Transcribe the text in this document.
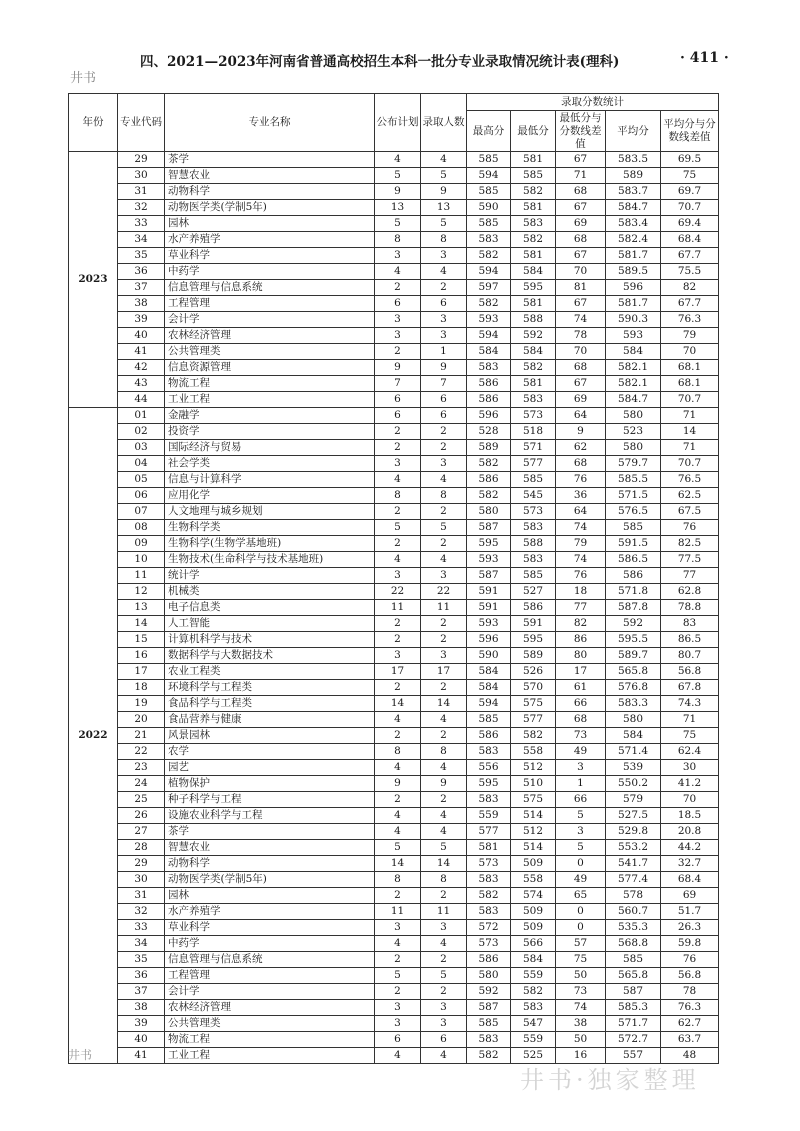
四、2021—2023年河南省普通高校招生本科一批分专业录取情况统计表(理科)	· 411 ·
井书
年份	专业代码	专业名称	公布计划	录取人数	录取分数统计				
					最高分	最低分	最低分与分数线差值	平均分	平均分与分数线差值
2023	29	茶学	4	4	585	581	67	583.5	69.5
	30	智慧农业	5	5	594	585	71	589	75
	31	动物科学	9	9	585	582	68	583.7	69.7
	32	动物医学类(学制5年)	13	13	590	581	67	584.7	70.7
	33	园林	5	5	585	583	69	583.4	69.4
	34	水产养殖学	8	8	583	582	68	582.4	68.4
	35	草业科学	3	3	582	581	67	581.7	67.7
	36	中药学	4	4	594	584	70	589.5	75.5
	37	信息管理与信息系统	2	2	597	595	81	596	82
	38	工程管理	6	6	582	581	67	581.7	67.7
	39	会计学	3	3	593	588	74	590.3	76.3
	40	农林经济管理	3	3	594	592	78	593	79
	41	公共管理类	2	1	584	584	70	584	70
	42	信息资源管理	9	9	583	582	68	582.1	68.1
	43	物流工程	7	7	586	581	67	582.1	68.1
	44	工业工程	6	6	586	583	69	584.7	70.7
2022	01	金融学	6	6	596	573	64	580	71
	02	投资学	2	2	528	518	9	523	14
	03	国际经济与贸易	2	2	589	571	62	580	71
	04	社会学类	3	3	582	577	68	579.7	70.7
	05	信息与计算科学	4	4	586	585	76	585.5	76.5
	06	应用化学	8	8	582	545	36	571.5	62.5
	07	人文地理与城乡规划	2	2	580	573	64	576.5	67.5
	08	生物科学类	5	5	587	583	74	585	76
	09	生物科学(生物学基地班)	2	2	595	588	79	591.5	82.5
	10	生物技术(生命科学与技术基地班)	4	4	593	583	74	586.5	77.5
	11	统计学	3	3	587	585	76	586	77
	12	机械类	22	22	591	527	18	571.8	62.8
	13	电子信息类	11	11	591	586	77	587.8	78.8
	14	人工智能	2	2	593	591	82	592	83
	15	计算机科学与技术	2	2	596	595	86	595.5	86.5
	16	数据科学与大数据技术	3	3	590	589	80	589.7	80.7
	17	农业工程类	17	17	584	526	17	565.8	56.8
	18	环境科学与工程类	2	2	584	570	61	576.8	67.8
	19	食品科学与工程类	14	14	594	575	66	583.3	74.3
	20	食品营养与健康	4	4	585	577	68	580	71
	21	风景园林	2	2	586	582	73	584	75
	22	农学	8	8	583	558	49	571.4	62.4
	23	园艺	4	4	556	512	3	539	30
	24	植物保护	9	9	595	510	1	550.2	41.2
	25	种子科学与工程	2	2	583	575	66	579	70
	26	设施农业科学与工程	4	4	559	514	5	527.5	18.5
	27	茶学	4	4	577	512	3	529.8	20.8
	28	智慧农业	5	5	581	514	5	553.2	44.2
	29	动物科学	14	14	573	509	0	541.7	32.7
	30	动物医学类(学制5年)	8	8	583	558	49	577.4	68.4
	31	园林	2	2	582	574	65	578	69
	32	水产养殖学	11	11	583	509	0	560.7	51.7
	33	草业科学	3	3	572	509	0	535.3	26.3
	34	中药学	4	4	573	566	57	568.8	59.8
	35	信息管理与信息系统	2	2	586	584	75	585	76
	36	工程管理	5	5	580	559	50	565.8	56.8
	37	会计学	2	2	592	582	73	587	78
	38	农林经济管理	3	3	587	583	74	585.3	76.3
	39	公共管理类	3	3	585	547	38	571.7	62.7
	40	物流工程	6	6	583	559	50	572.7	63.7
	41	工业工程	4	4	582	525	16	557	48
井书
井书·独家整理
